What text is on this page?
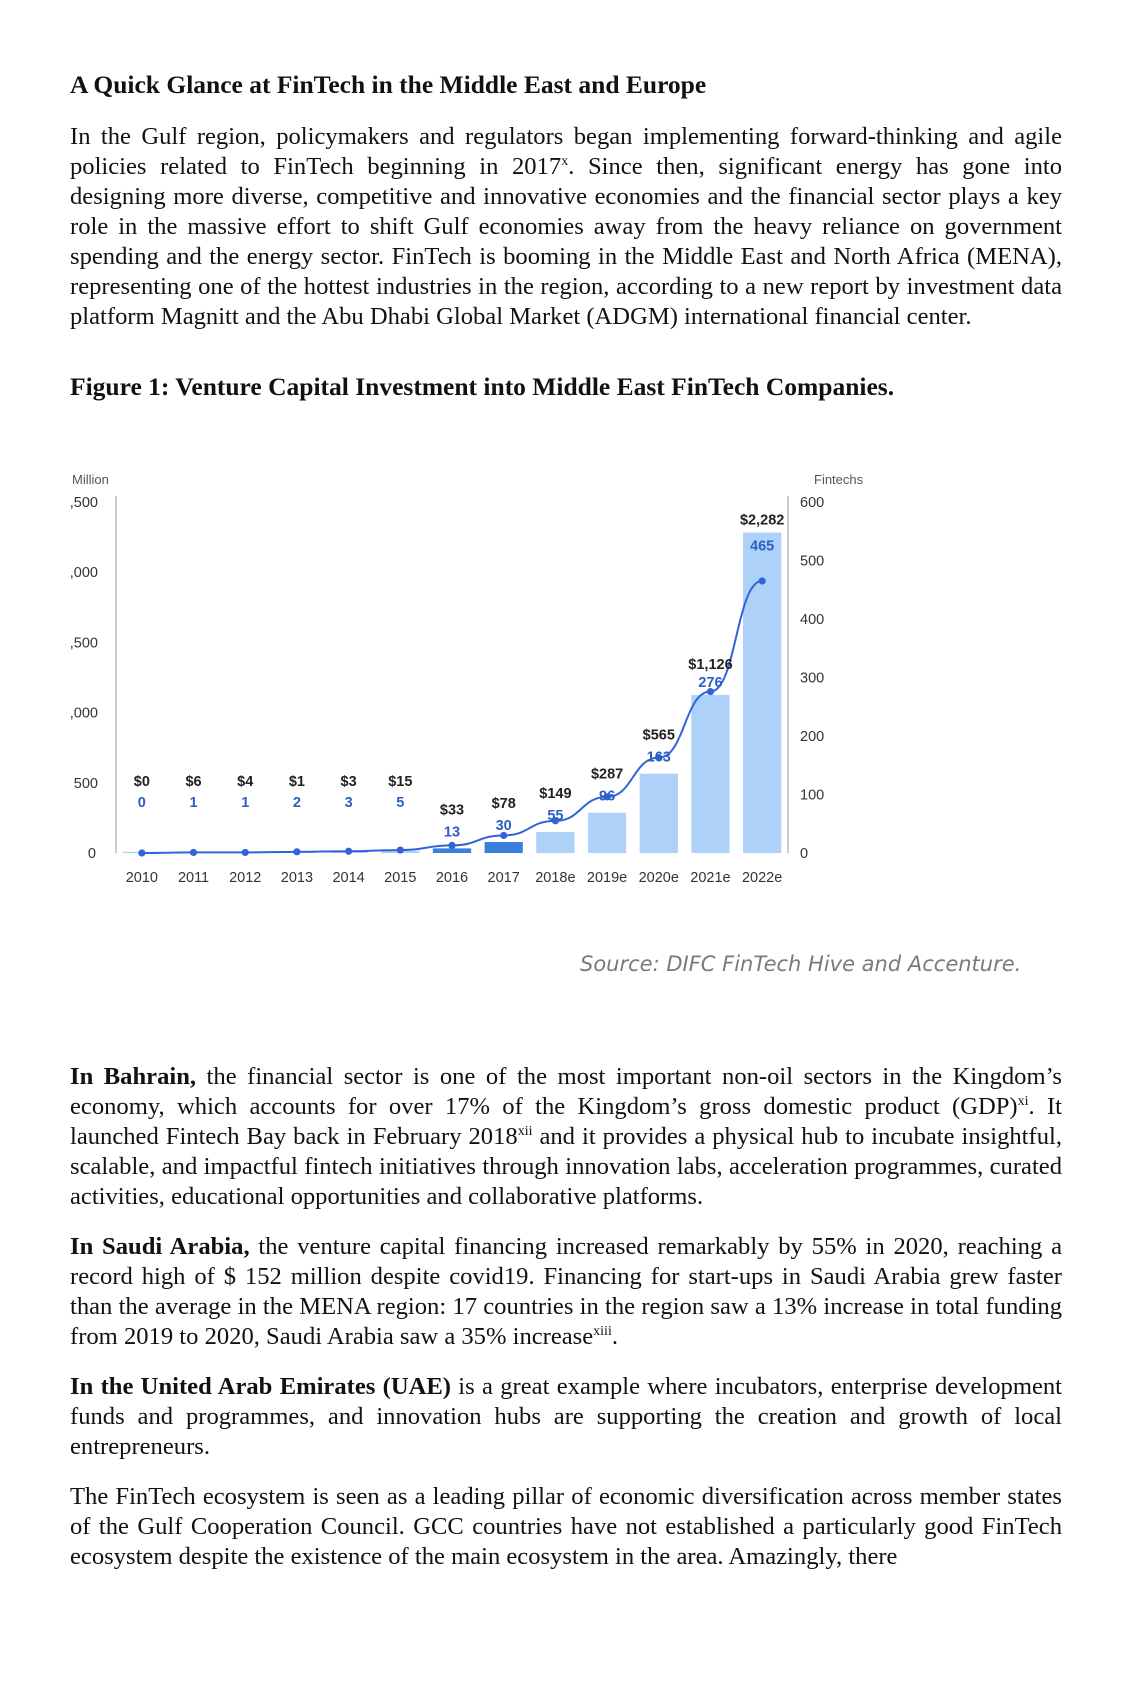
A Quick Glance at FinTech in the Middle East and Europe

In the Gulf region, policymakers and regulators began implementing forward-thinking and agile policies related to FinTech beginning in 2017$^x$. Since then, significant energy has gone into designing more diverse, competitive and innovative economies and the financial sector plays a key role in the massive effort to shift Gulf economies away from the heavy reliance on government spending and the energy sector. FinTech is booming in the Middle East and North Africa (MENA), representing one of the hottest industries in the region, according to a new report by investment data platform Magnitt and the Abu Dhabi Global Market (ADGM) international financial center.

Figure 1: Venture Capital Investment into Middle East FinTech Companies.
Million	Fintechs
,500
,000
,500
,000
500
0
600
500
400
300
200
100
0
$0
0
$6
1
$4
1
$1
2
$3
3
$15
5 $33
13
$78
30
$149
55
$287
96
$565
163
$1,126
276
$2,282
465
2010 2011 2012 2013 2014 2015 2016 2017 2018e 2019e 2020e 2021e 2022e

Source: DIFC FinTech Hive and Accenture.

In Bahrain, the financial sector is one of the most important non-oil sectors in the Kingdom’s economy, which accounts for over 17% of the Kingdom’s gross domestic product (GDP)$^{xi}$. It launched Fintech Bay back in February 2018$^{xii}$ and it provides a physical hub to incubate insightful, scalable, and impactful fintech initiatives through innovation labs, acceleration programmes, curated activities, educational opportunities and collaborative platforms.

In Saudi Arabia, the venture capital financing increased remarkably by 55% in 2020, reaching a record high of $ 152 million despite covid19. Financing for start-ups in Saudi Arabia grew faster than the average in the MENA region: 17 countries in the region saw a 13% increase in total funding from 2019 to 2020, Saudi Arabia saw a 35% increase$^{xiii}$.

In the United Arab Emirates (UAE) is a great example where incubators, enterprise development funds and programmes, and innovation hubs are supporting the creation and growth of local entrepreneurs.

The FinTech ecosystem is seen as a leading pillar of economic diversification across member states of the Gulf Cooperation Council. GCC countries have not established a particularly good FinTech ecosystem despite the existence of the main ecosystem in the area. Amazingly, there
